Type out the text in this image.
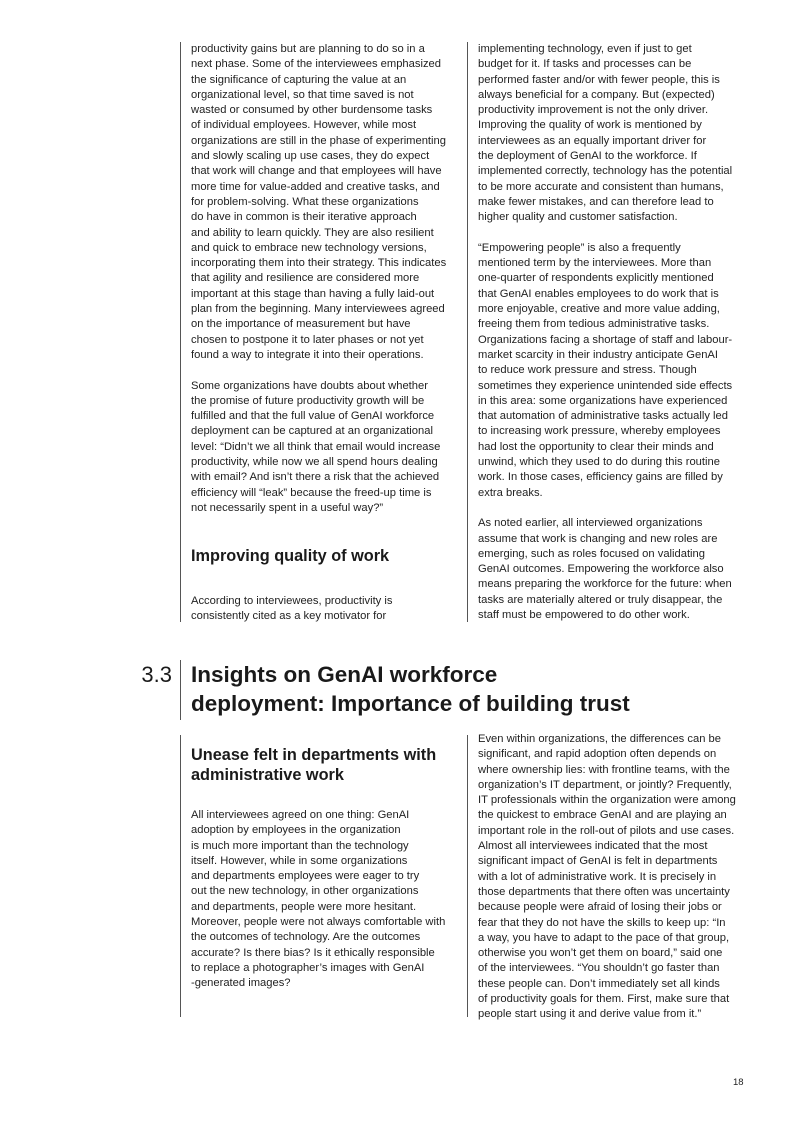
productivity gains but are planning to do so in a
next phase. Some of the interviewees emphasized
the significance of capturing the value at an
organizational level, so that time saved is not
wasted or consumed by other burdensome tasks
of individual employees. However, while most
organizations are still in the phase of experimenting
and slowly scaling up use cases, they do expect
that work will change and that employees will have
more time for value-added and creative tasks, and
for problem-solving. What these organizations
do have in common is their iterative approach
and ability to learn quickly. They are also resilient
and quick to embrace new technology versions,
incorporating them into their strategy. This indicates
that agility and resilience are considered more
important at this stage than having a fully laid-out
plan from the beginning. Many interviewees agreed
on the importance of measurement but have
chosen to postpone it to later phases or not yet
found a way to integrate it into their operations.

Some organizations have doubts about whether
the promise of future productivity growth will be
fulfilled and that the full value of GenAI workforce
deployment can be captured at an organizational
level: “Didn’t we all think that email would increase
productivity, while now we all spend hours dealing
with email? And isn’t there a risk that the achieved
efficiency will “leak” because the freed-up time is
not necessarily spent in a useful way?”

Improving quality of work

According to interviewees, productivity is
consistently cited as a key motivator for

implementing technology, even if just to get
budget for it. If tasks and processes can be
performed faster and/or with fewer people, this is
always beneficial for a company. But (expected)
productivity improvement is not the only driver.
Improving the quality of work is mentioned by
interviewees as an equally important driver for
the deployment of GenAI to the workforce. If
implemented correctly, technology has the potential
to be more accurate and consistent than humans,
make fewer mistakes, and can therefore lead to
higher quality and customer satisfaction.

“Empowering people” is also a frequently
mentioned term by the interviewees. More than
one-quarter of respondents explicitly mentioned
that GenAI enables employees to do work that is
more enjoyable, creative and more value adding,
freeing them from tedious administrative tasks.
Organizations facing a shortage of staff and labour-
market scarcity in their industry anticipate GenAI
to reduce work pressure and stress. Though
sometimes they experience unintended side effects
in this area: some organizations have experienced
that automation of administrative tasks actually led
to increasing work pressure, whereby employees
had lost the opportunity to clear their minds and
unwind, which they used to do during this routine
work. In those cases, efficiency gains are filled by
extra breaks.

As noted earlier, all interviewed organizations
assume that work is changing and new roles are
emerging, such as roles focused on validating
GenAI outcomes. Empowering the workforce also
means preparing the workforce for the future: when
tasks are materially altered or truly disappear, the
staff must be empowered to do other work.

3.3 Insights on GenAI workforce
deployment: Importance of building trust
Unease felt in departments with
administrative work

All interviewees agreed on one thing: GenAI
adoption by employees in the organization
is much more important than the technology
itself. However, while in some organizations
and departments employees were eager to try
out the new technology, in other organizations
and departments, people were more hesitant.
Moreover, people were not always comfortable with
the outcomes of technology. Are the outcomes
accurate? Is there bias? Is it ethically responsible
to replace a photographer’s images with GenAI
-generated images?

Even within organizations, the differences can be
significant, and rapid adoption often depends on
where ownership lies: with frontline teams, with the
organization’s IT department, or jointly? Frequently,
IT professionals within the organization were among
the quickest to embrace GenAI and are playing an
important role in the roll-out of pilots and use cases.
Almost all interviewees indicated that the most
significant impact of GenAI is felt in departments
with a lot of administrative work. It is precisely in
those departments that there often was uncertainty
because people were afraid of losing their jobs or
fear that they do not have the skills to keep up: “In
a way, you have to adapt to the pace of that group,
otherwise you won’t get them on board,” said one
of the interviewees. “You shouldn’t go faster than
these people can. Don’t immediately set all kinds
of productivity goals for them. First, make sure that
people start using it and derive value from it.”

18
